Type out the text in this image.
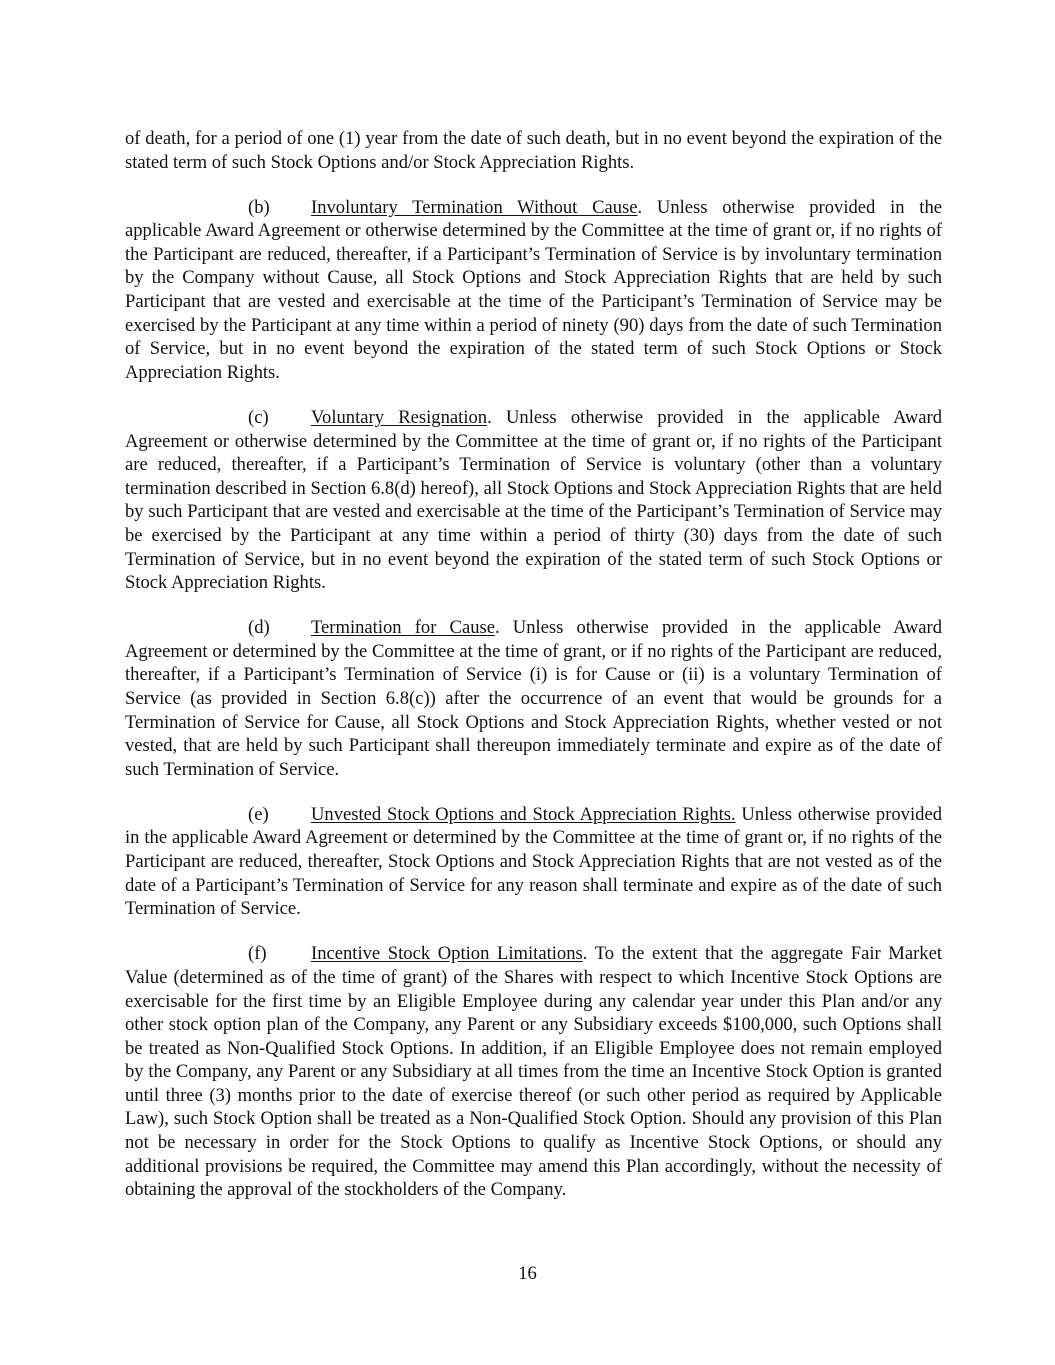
of death, for a period of one (1) year from the date of such death, but in no event beyond the expiration of the stated term of such Stock Options and/or Stock Appreciation Rights.

(b) Involuntary Termination Without Cause. Unless otherwise provided in the applicable Award Agreement or otherwise determined by the Committee at the time of grant or, if no rights of the Participant are reduced, thereafter, if a Participant’s Termination of Service is by involuntary termination by the Company without Cause, all Stock Options and Stock Appreciation Rights that are held by such Participant that are vested and exercisable at the time of the Participant’s Termination of Service may be exercised by the Participant at any time within a period of ninety (90) days from the date of such Termination of Service, but in no event beyond the expiration of the stated term of such Stock Options or Stock Appreciation Rights.

(c) Voluntary Resignation. Unless otherwise provided in the applicable Award Agreement or otherwise determined by the Committee at the time of grant or, if no rights of the Participant are reduced, thereafter, if a Participant’s Termination of Service is voluntary (other than a voluntary termination described in Section 6.8(d) hereof), all Stock Options and Stock Appreciation Rights that are held by such Participant that are vested and exercisable at the time of the Participant’s Termination of Service may be exercised by the Participant at any time within a period of thirty (30) days from the date of such Termination of Service, but in no event beyond the expiration of the stated term of such Stock Options or Stock Appreciation Rights.

(d) Termination for Cause. Unless otherwise provided in the applicable Award Agreement or determined by the Committee at the time of grant, or if no rights of the Participant are reduced, thereafter, if a Participant’s Termination of Service (i) is for Cause or (ii) is a voluntary Termination of Service (as provided in Section 6.8(c)) after the occurrence of an event that would be grounds for a Termination of Service for Cause, all Stock Options and Stock Appreciation Rights, whether vested or not vested, that are held by such Participant shall thereupon immediately terminate and expire as of the date of such Termination of Service.

(e) Unvested Stock Options and Stock Appreciation Rights. Unless otherwise provided in the applicable Award Agreement or determined by the Committee at the time of grant or, if no rights of the Participant are reduced, thereafter, Stock Options and Stock Appreciation Rights that are not vested as of the date of a Participant’s Termination of Service for any reason shall terminate and expire as of the date of such Termination of Service.

(f) Incentive Stock Option Limitations. To the extent that the aggregate Fair Market Value (determined as of the time of grant) of the Shares with respect to which Incentive Stock Options are exercisable for the first time by an Eligible Employee during any calendar year under this Plan and/or any other stock option plan of the Company, any Parent or any Subsidiary exceeds $100,000, such Options shall be treated as Non-Qualified Stock Options. In addition, if an Eligible Employee does not remain employed by the Company, any Parent or any Subsidiary at all times from the time an Incentive Stock Option is granted until three (3) months prior to the date of exercise thereof (or such other period as required by Applicable Law), such Stock Option shall be treated as a Non-Qualified Stock Option. Should any provision of this Plan not be necessary in order for the Stock Options to qualify as Incentive Stock Options, or should any additional provisions be required, the Committee may amend this Plan accordingly, without the necessity of obtaining the approval of the stockholders of the Company.

16
